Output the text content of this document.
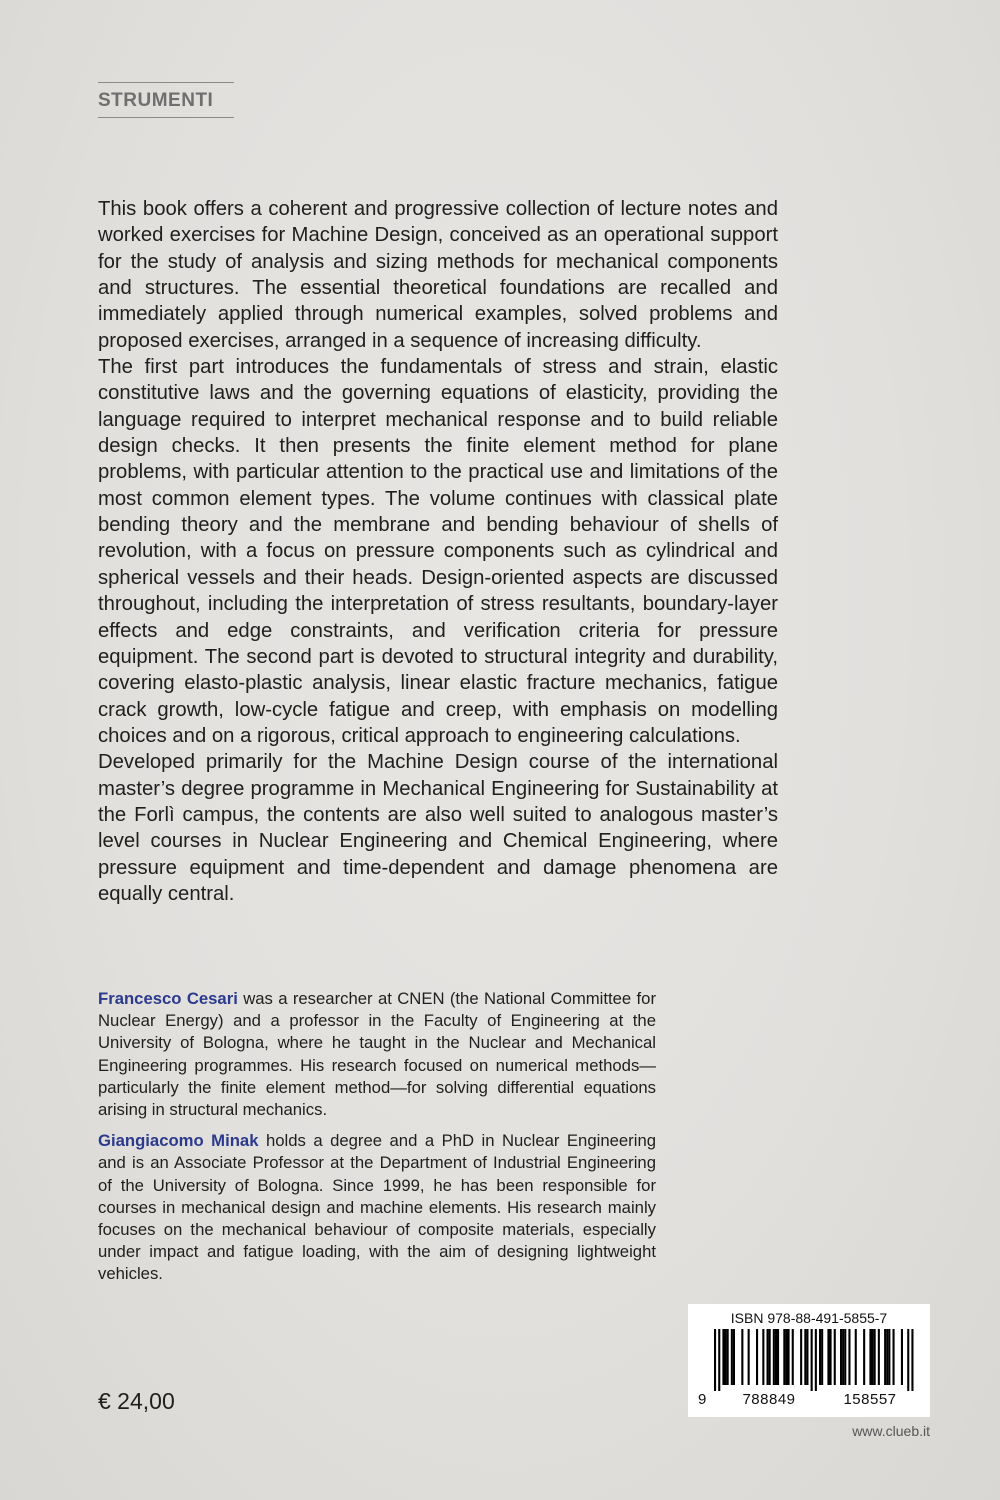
STRUMENTI

This book offers a coherent and progressive collection of lecture notes and worked exercises for Machine Design, conceived as an operational support for the study of analysis and sizing methods for mechanical components and structures. The essential theoretical foundations are recalled and immediately applied through numerical examples, solved problems and proposed exercises, arranged in a sequence of increasing difficulty.

The first part introduces the fundamentals of stress and strain, elastic constitutive laws and the governing equations of elasticity, providing the language required to interpret mechanical response and to build reliable design checks. It then presents the finite element method for plane problems, with particular attention to the practical use and limitations of the most common element types. The volume continues with classical plate bending theory and the membrane and bending behaviour of shells of revolution, with a focus on pressure components such as cylindrical and spherical vessels and their heads. Design-oriented aspects are discussed throughout, including the interpretation of stress resultants, boundary-layer effects and edge constraints, and verification criteria for pressure equipment. The second part is devoted to structural integrity and durability, covering elasto-plastic analysis, linear elastic fracture mechanics, fatigue crack growth, low-cycle fatigue and creep, with emphasis on modelling choices and on a rigorous, critical approach to engineering calculations.

Developed primarily for the Machine Design course of the international master’s degree programme in Mechanical Engineering for Sustainability at the Forlì campus, the contents are also well suited to analogous master’s level courses in Nuclear Engineering and Chemical Engineering, where pressure equipment and time-dependent and damage phenomena are equally central.

Francesco Cesari was a researcher at CNEN (the National Committee for Nuclear Energy) and a professor in the Faculty of Engineering at the University of Bologna, where he taught in the Nuclear and Mechanical Engineering programmes. His research focused on numerical methods—particularly the finite element method—for solving differential equations arising in structural mechanics.

Giangiacomo Minak holds a degree and a PhD in Nuclear Engineering and is an Associate Professor at the Department of Industrial Engineering of the University of Bologna. Since 1999, he has been responsible for courses in mechanical design and machine elements. His research mainly focuses on the mechanical behaviour of composite materials, especially under impact and fatigue loading, with the aim of designing lightweight vehicles.

€ 24,00
ISBN 978-88-491-5855-7
9	788849	158557
www.clueb.it
